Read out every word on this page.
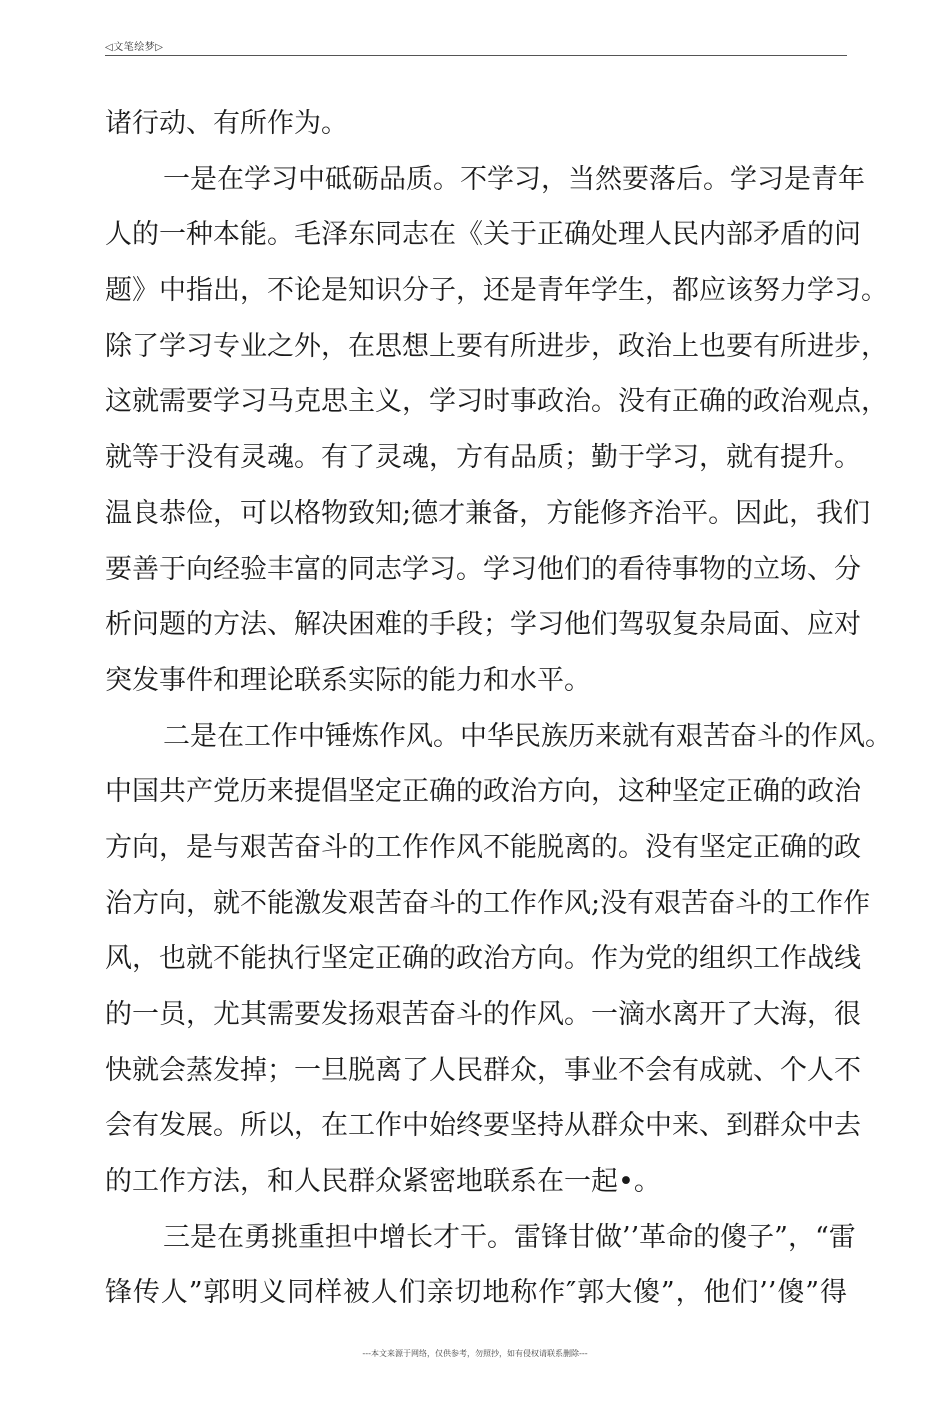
◁文笔绘梦▷
诸行动、有所作为。
一是在学习中砥砺品质。不学习，当然要落后。学习是青年
人的一种本能。毛泽东同志在《关于正确处理人民内部矛盾的问
题》中指出，不论是知识分子，还是青年学生，都应该努力学习。
除了学习专业之外，在思想上要有所进步，政治上也要有所进步，
这就需要学习马克思主义，学习时事政治。没有正确的政治观点，
就等于没有灵魂。有了灵魂，方有品质；勤于学习，就有提升。
温良恭俭，可以格物致知;德才兼备，方能修齐治平。因此，我们
要善于向经验丰富的同志学习。学习他们的看待事物的立场、分
析问题的方法、解决困难的手段；学习他们驾驭复杂局面、应对
突发事件和理论联系实际的能力和水平。
二是在工作中锤炼作风。中华民族历来就有艰苦奋斗的作风。
中国共产党历来提倡坚定正确的政治方向，这种坚定正确的政治
方向，是与艰苦奋斗的工作作风不能脱离的。没有坚定正确的政
治方向，就不能激发艰苦奋斗的工作作风;没有艰苦奋斗的工作作
风，也就不能执行坚定正确的政治方向。作为党的组织工作战线
的一员，尤其需要发扬艰苦奋斗的作风。一滴水离开了大海，很
快就会蒸发掉；一旦脱离了人民群众，事业不会有成就、个人不
会有发展。所以，在工作中始终要坚持从群众中来、到群众中去
的工作方法，和人民群众紧密地联系在一起•。
三是在勇挑重担中增长才干。雷锋甘做’’革命的傻子”，“雷
锋传人”郭明义同样被人们亲切地称作″郭大傻”，他们’’傻”得
---本文来源于网络，仅供参考，勿照抄，如有侵权请联系删除---
